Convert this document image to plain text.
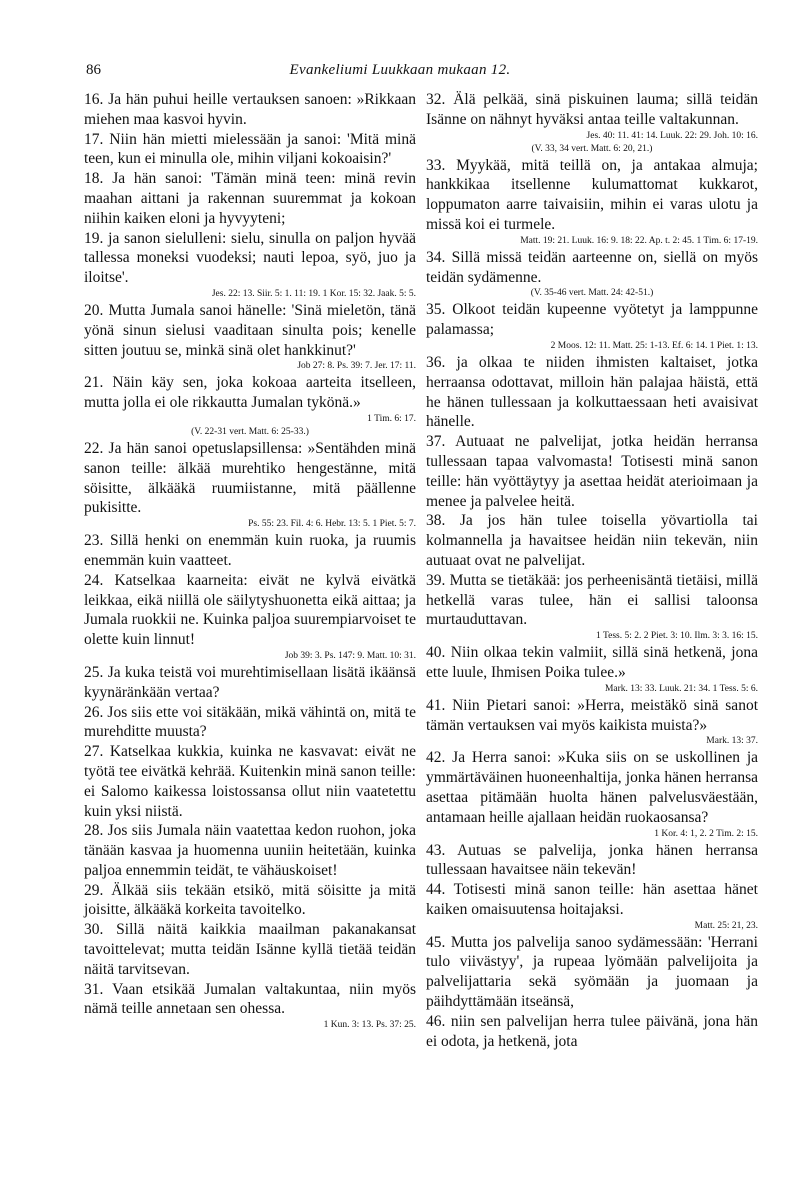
86	Evankeliumi Luukkaan mukaan 12.

16. Ja hän puhui heille vertauksen sanoen: »Rikkaan miehen maa kasvoi hyvin.

17. Niin hän mietti mielessään ja sanoi: 'Mitä minä teen, kun ei minulla ole, mihin viljani kokoaisin?'

18. Ja hän sanoi: 'Tämän minä teen: minä revin maahan aittani ja rakennan suuremmat ja kokoan niihin kaiken eloni ja hyvyyteni;

19. ja sanon sielulleni: sielu, sinulla on paljon hyvää tallessa moneksi vuodeksi; nauti lepoa, syö, juo ja iloitse'.

Jes. 22: 13. Siir. 5: 1. 11: 19. 1 Kor. 15: 32. Jaak. 5: 5.

20. Mutta Jumala sanoi hänelle: 'Sinä mieletön, tänä yönä sinun sielusi vaaditaan sinulta pois; kenelle sitten joutuu se, minkä sinä olet hankkinut?'

Job 27: 8. Ps. 39: 7. Jer. 17: 11.

21. Näin käy sen, joka kokoaa aarteita itselleen, mutta jolla ei ole rikkautta Jumalan tykönä.»

1 Tim. 6: 17.
(V. 22-31 vert. Matt. 6: 25-33.)

22. Ja hän sanoi opetuslapsillensa: »Sentähden minä sanon teille: älkää murehtiko hengestänne, mitä söisitte, älkääkä ruumiistanne, mitä päällenne pukisitte.

Ps. 55: 23. Fil. 4: 6. Hebr. 13: 5. 1 Piet. 5: 7.

23. Sillä henki on enemmän kuin ruoka, ja ruumis enemmän kuin vaatteet.

24. Katselkaa kaarneita: eivät ne kylvä eivätkä leikkaa, eikä niillä ole säilytyshuonetta eikä aittaa; ja Jumala ruokkii ne. Kuinka paljoa suurempiarvoiset te olette kuin linnut!

Job 39: 3. Ps. 147: 9. Matt. 10: 31.

25. Ja kuka teistä voi murehtimisellaan lisätä ikäänsä kyynäränkään vertaa?

26. Jos siis ette voi sitäkään, mikä vähintä on, mitä te murehditte muusta?

27. Katselkaa kukkia, kuinka ne kasvavat: eivät ne työtä tee eivätkä kehrää. Kuitenkin minä sanon teille: ei Salomo kaikessa loistossansa ollut niin vaatetettu kuin yksi niistä.

28. Jos siis Jumala näin vaatettaa kedon ruohon, joka tänään kasvaa ja huomenna uuniin heitetään, kuinka paljoa ennemmin teidät, te vähäuskoiset!

29. Älkää siis tekään etsikö, mitä söisitte ja mitä joisitte, älkääkä korkeita tavoitelko.

30. Sillä näitä kaikkia maailman pakanakansat tavoittelevat; mutta teidän Isänne kyllä tietää teidän näitä tarvitsevan.

31. Vaan etsikää Jumalan valtakuntaa, niin myös nämä teille annetaan sen ohessa.

1 Kun. 3: 13. Ps. 37: 25.

32. Älä pelkää, sinä piskuinen lauma; sillä teidän Isänne on nähnyt hyväksi antaa teille valtakunnan.

Jes. 40: 11. 41: 14. Luuk. 22: 29. Joh. 10: 16.
(V. 33, 34 vert. Matt. 6: 20, 21.)

33. Myykää, mitä teillä on, ja antakaa almuja; hankkikaa itsellenne kulumattomat kukkarot, loppumaton aarre taivaisiin, mihin ei varas ulotu ja missä koi ei turmele.

Matt. 19: 21. Luuk. 16: 9. 18: 22. Ap. t. 2: 45. 1 Tim. 6: 17-19.

34. Sillä missä teidän aarteenne on, siellä on myös teidän sydämenne.

(V. 35-46 vert. Matt. 24: 42-51.)

35. Olkoot teidän kupeenne vyötetyt ja lamppunne palamassa;

2 Moos. 12: 11. Matt. 25: 1-13. Ef. 6: 14. 1 Piet. 1: 13.

36. ja olkaa te niiden ihmisten kaltaiset, jotka herraansa odottavat, milloin hän palajaa häistä, että he hänen tullessaan ja kolkuttaessaan heti avaisivat hänelle.

37. Autuaat ne palvelijat, jotka heidän herransa tullessaan tapaa valvomasta! Totisesti minä sanon teille: hän vyöttäytyy ja asettaa heidät aterioimaan ja menee ja palvelee heitä.

38. Ja jos hän tulee toisella yövartiolla tai kolmannella ja havaitsee heidän niin tekevän, niin autuaat ovat ne palvelijat.

39. Mutta se tietäkää: jos perheenisäntä tietäisi, millä hetkellä varas tulee, hän ei sallisi taloonsa murtauduttavan.

1 Tess. 5: 2. 2 Piet. 3: 10. Ilm. 3: 3. 16: 15.

40. Niin olkaa tekin valmiit, sillä sinä hetkenä, jona ette luule, Ihmisen Poika tulee.»

Mark. 13: 33. Luuk. 21: 34. 1 Tess. 5: 6.

41. Niin Pietari sanoi: »Herra, meistäkö sinä sanot tämän vertauksen vai myös kaikista muista?»

Mark. 13: 37.

42. Ja Herra sanoi: »Kuka siis on se uskollinen ja ymmärtäväinen huoneenhaltija, jonka hänen herransa asettaa pitämään huolta hänen palvelusväestään, antamaan heille ajallaan heidän ruokaosansa?

1 Kor. 4: 1, 2. 2 Tim. 2: 15.

43. Autuas se palvelija, jonka hänen herransa tullessaan havaitsee näin tekevän!

44. Totisesti minä sanon teille: hän asettaa hänet kaiken omaisuutensa hoitajaksi.

Matt. 25: 21, 23.

45. Mutta jos palvelija sanoo sydämessään: 'Herrani tulo viivästyy', ja rupeaa lyömään palvelijoita ja palvelijattaria sekä syömään ja juomaan ja päihdyttämään itseänsä,

46. niin sen palvelijan herra tulee päivänä, jona hän ei odota, ja hetkenä, jota
